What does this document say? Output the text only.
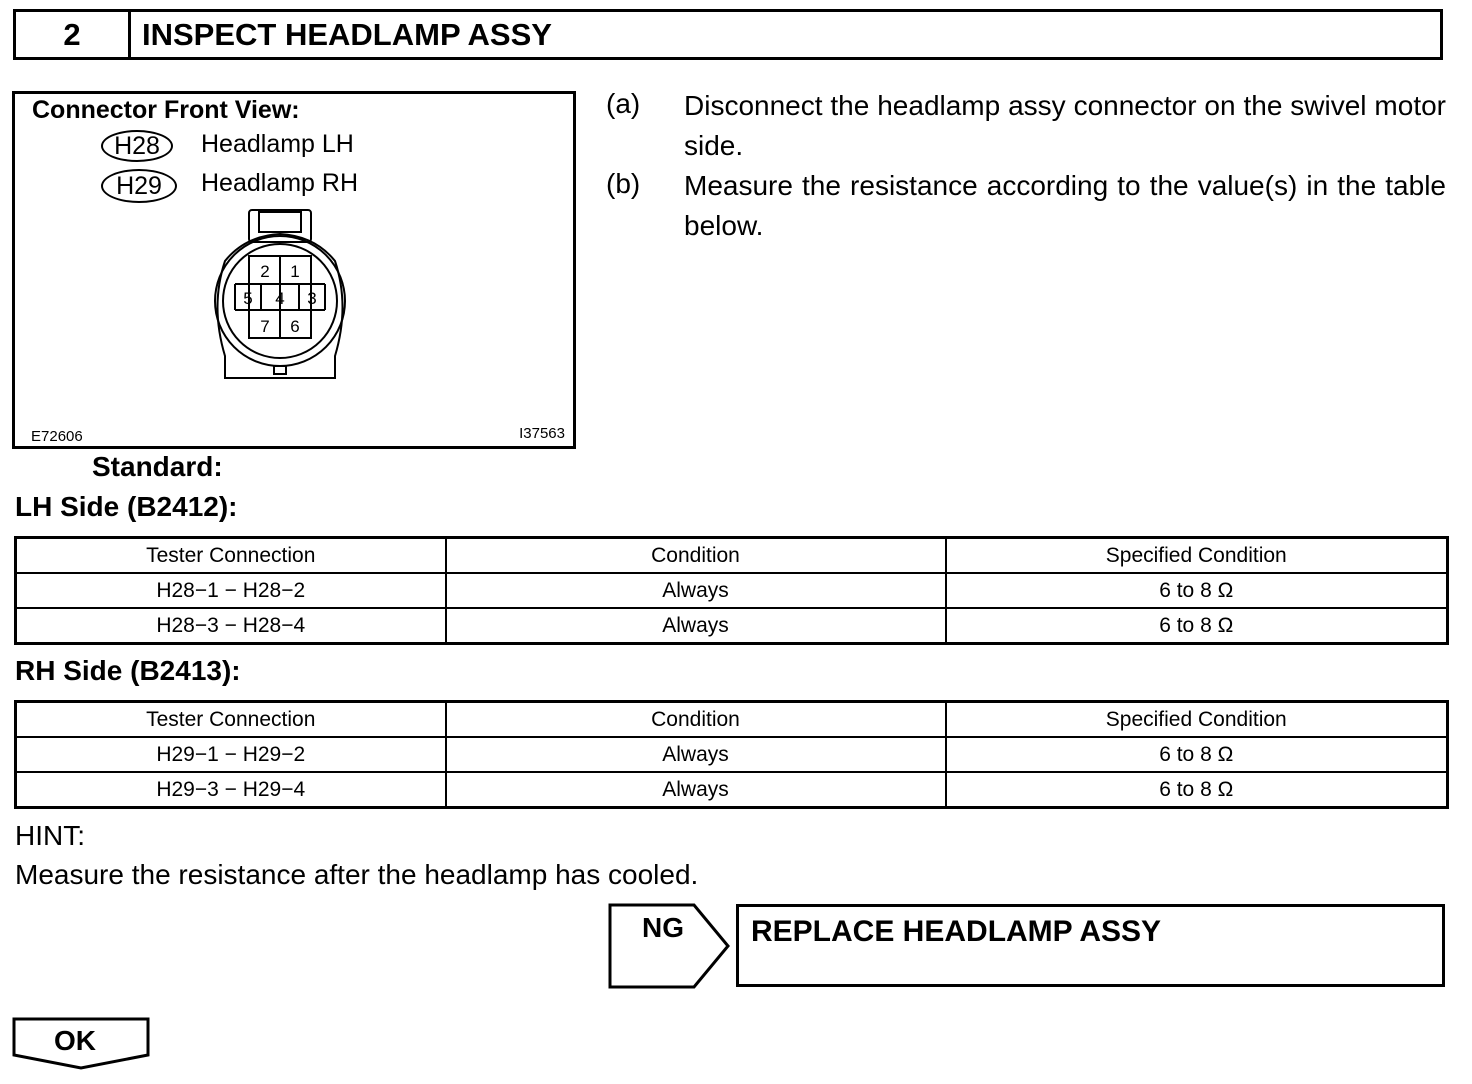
2	INSPECT HEADLAMP ASSY
Connector Front View:
H28	Headlamp LH
H29	Headlamp RH
2 1
5 4 3
7 6
E72606	I37563
(a) Disconnect the headlamp assy connector on the swivel motor side.
(b) Measure the resistance according to the value(s) in the table below.
Standard:
LH Side (B2412):
Tester Connection	Condition	Specified Condition
H28−1 − H28−2	Always	6 to 8 Ω
H28−3 − H28−4	Always	6 to 8 Ω
RH Side (B2413):
Tester Connection	Condition	Specified Condition
H29−1 − H29−2	Always	6 to 8 Ω
H29−3 − H29−4	Always	6 to 8 Ω
HINT:
Measure the resistance after the headlamp has cooled.
NG REPLACE HEADLAMP ASSY
OK
